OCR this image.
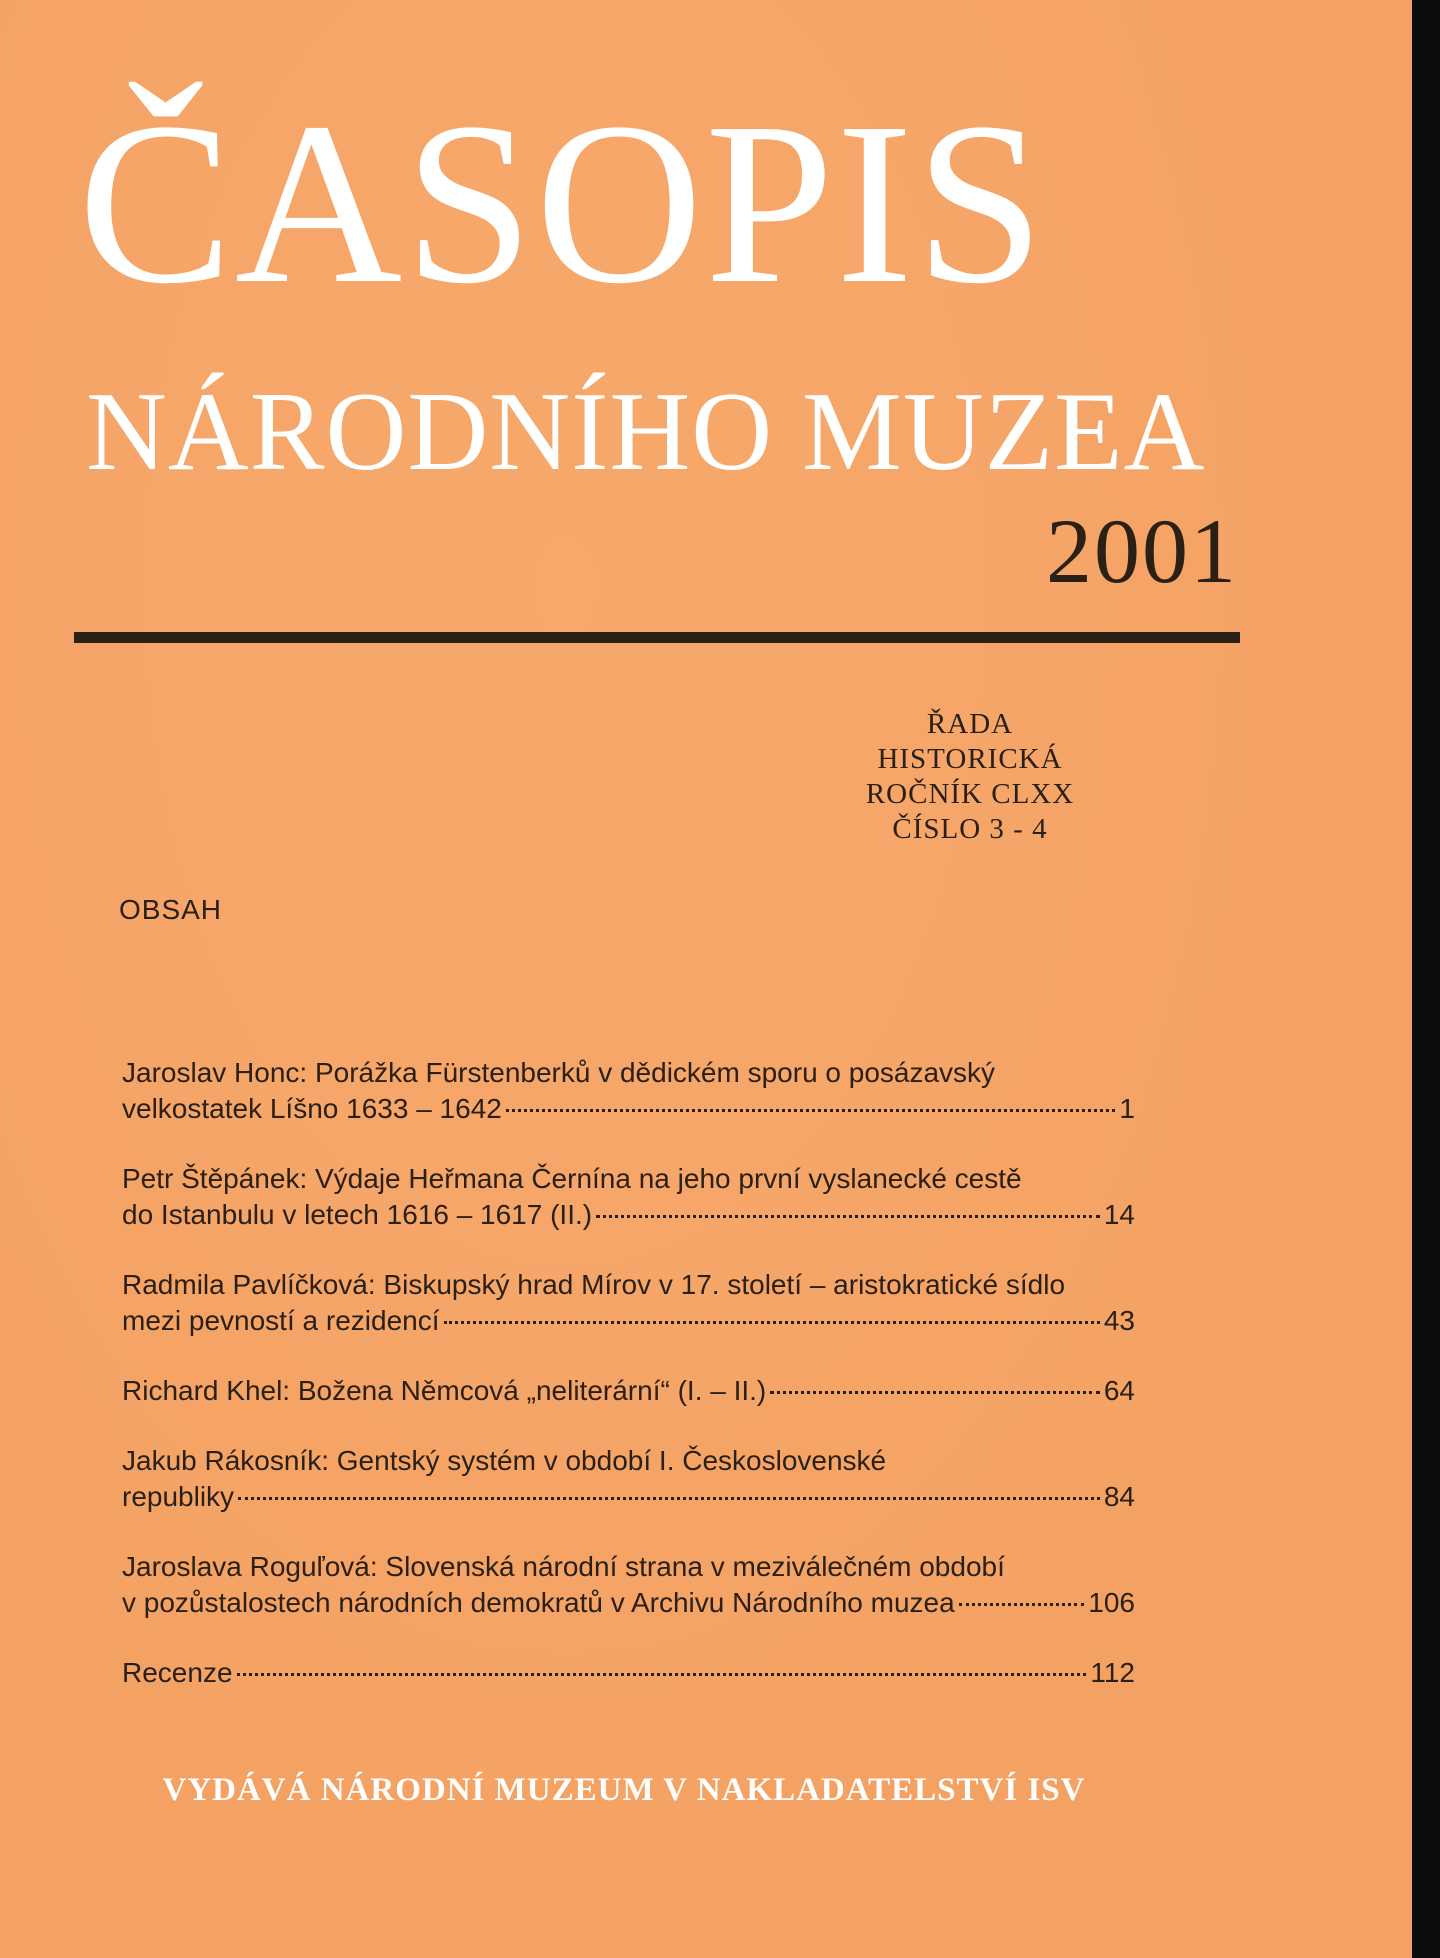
ČASOPIS
NÁRODNÍHO MUZEA
2001
ŘADA
HISTORICKÁ
ROČNÍK CLXX
ČÍSLO 3 - 4
OBSAH
Jaroslav Honc: Porážka Fürstenberků v dědickém sporu o posázavský
velkostatek Líšno 1633 – 1642	1
Petr Štěpánek: Výdaje Heřmana Černína na jeho první vyslanecké cestě
do Istanbulu v letech 1616 – 1617 (II.)	14
Radmila Pavlíčková: Biskupský hrad Mírov v 17. století – aristokratické sídlo
mezi pevností a rezidencí	43
Richard Khel: Božena Němcová „neliterární“ (I. – II.)	64
Jakub Rákosník: Gentský systém v období I. Československé
republiky	84
Jaroslava Roguľová: Slovenská národní strana v meziválečném období
v pozůstalostech národních demokratů v Archivu Národního muzea	106
Recenze	112
VYDÁVÁ NÁRODNÍ MUZEUM V NAKLADATELSTVÍ ISV
